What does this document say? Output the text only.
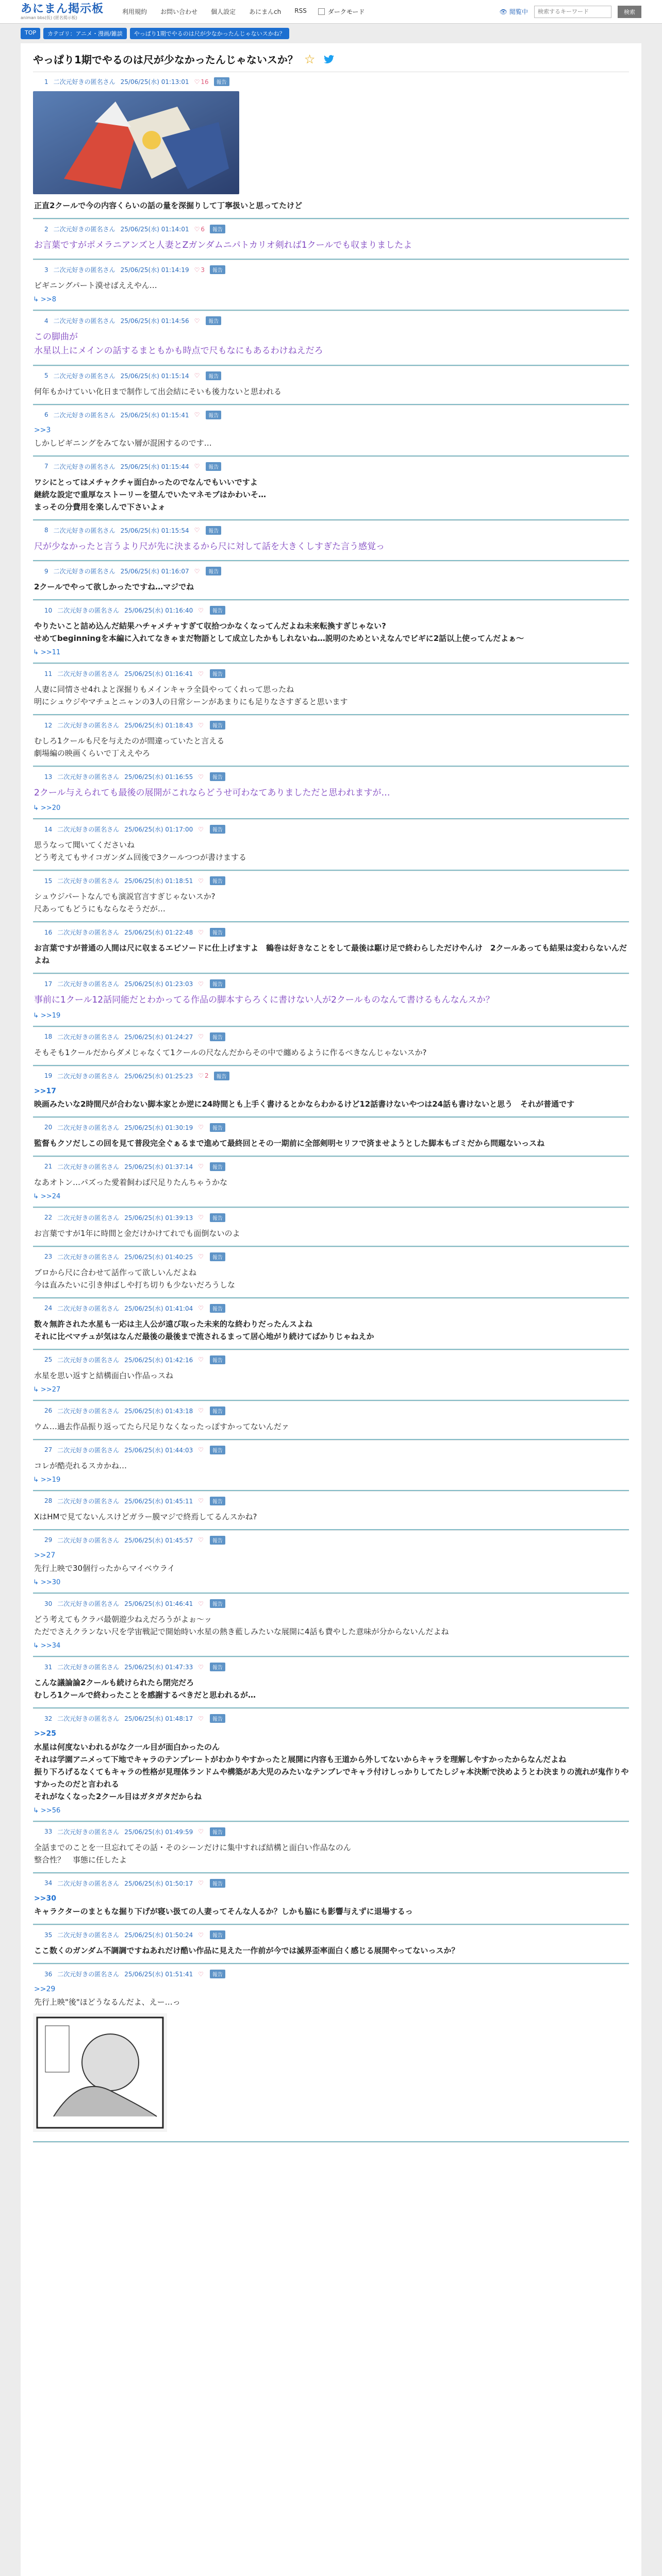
あにまん掲示板
animan bbs(仮) (匿名掲示板)
利用規約 お問い合わせ 個人設定 あにまんch RSS	ダークモード	👁 閲覧中
検索するキーワード	検索
TOP	カテゴリ：アニメ・漫画/雑談	やっぱり1期でやるのは尺が少なかったんじゃないスかね？
やっぱり1期でやるのは尺が少なかったんじゃないスか？ ☆
1 二次元好きの匿名さん 25/06/25(水) 01:13:01 ♡ 16	報告
正直2クールで今の内容くらいの話の量を深掘りして丁寧扱いと思ってたけど
2 二次元好きの匿名さん 25/06/25(水) 01:14:01 ♡ 6	報告
お言葉ですがポメラニアンズと人妻とZガンダムニパトカリオ剣れば1クールでも収まりましたよ
3 二次元好きの匿名さん 25/06/25(水) 01:14:19 ♡ 3	報告
ビギニングパート漠せばええやん…
↳ >>8
4 二次元好きの匿名さん 25/06/25(水) 01:14:56 ♡	報告
この脚曲が
水星以上にメインの話するまともかも時点で尺もなにもあるわけねえだろ
5 二次元好きの匿名さん 25/06/25(水) 01:15:14 ♡	報告
何年もかけていい化日まで制作して出会結にそいも後力ないと思われる
6 二次元好きの匿名さん 25/06/25(水) 01:15:41 ♡	報告
>>3
しかしビギニングをみてない層が混困するのです…
7 二次元好きの匿名さん 25/06/25(水) 01:15:44 ♡	報告
ワシにとってはメチャクチャ面白かったのでなんでもいいですよ
継続な設定で重厚なストーリーを望んでいたマネモブはかわいそ…
まっその分費用を楽しんで下さいよォ
8 二次元好きの匿名さん 25/06/25(水) 01:15:54 ♡	報告
尺が少なかったと言うより尺が先に決まるから尺に対して話を大きくしすぎた言う感覚っ
9 二次元好きの匿名さん 25/06/25(水) 01:16:07 ♡	報告
2クールでやって欲しかったですね…マジでね
10 二次元好きの匿名さん 25/06/25(水) 01:16:40 ♡	報告
やりたいこと詰め込んだ結果ハチャメチャすぎて収拾つかなくなってんだよね未来転換すぎじゃない?
せめてbeginningを本編に入れてなきゃまだ物語として成立したかもしれないね…説明のためといえなんでビギに2話以上使ってんだよぁ〜
↳ >>11
11 二次元好きの匿名さん 25/06/25(水) 01:16:41 ♡	報告
人妻に同情させ4れよと深掘りもメインキャラ全員やってくれって思ったね
明にシュウジやマチュとニャンの3人の日常シーンがあまりにも足りなさすぎると思います
12 二次元好きの匿名さん 25/06/25(水) 01:18:43 ♡	報告
むしろ1クールも尺を与えたのが間違っていたと言える
劇場編の映画くらいで丁ええやろ
13 二次元好きの匿名さん 25/06/25(水) 01:16:55 ♡	報告
2クール与えられても最後の展開がこれならどうせ可わなてありましただと思われますが…
↳ >>20
14 二次元好きの匿名さん 25/06/25(水) 01:17:00 ♡	報告
思うなって聞いてくださいね
どう考えてもサイコガンダム回後で3クールつつが書けまする
15 二次元好きの匿名さん 25/06/25(水) 01:18:51 ♡	報告
シュウジパートなんでも演説官言すぎじゃないスか?
尺あってもどうにもならなそうだが…
16 二次元好きの匿名さん 25/06/25(水) 01:22:48 ♡	報告
お言葉ですが普通の人間は尺に収まるエピソードに仕上げますよ　鶴巻は好きなことをして最後は駆け足で終わらしただけやんけ　2クールあっても結果は変わらないんだよね
17 二次元好きの匿名さん 25/06/25(水) 01:23:03 ♡	報告
事前に1クール12話同能だとわかってる作品の脚本すらろくに書けない人が2クールものなんて書けるもんなんスか？
↳ >>19
18 二次元好きの匿名さん 25/06/25(水) 01:24:27 ♡	報告
そもそも1クールだからダメじゃなくて1クールの尺なんだからその中で纏めるように作るべきなんじゃないスか?
19 二次元好きの匿名さん 25/06/25(水) 01:25:23 ♡ 2	報告
>>17
映画みたいな2時間尺が合わない脚本家とか逆に24時間とも上手く書けるとかならわかるけど12話書けないやつは24話も書けないと思う　それが普通です
20 二次元好きの匿名さん 25/06/25(水) 01:30:19 ♡	報告
監督もクソだしこの回を見て普段完全ぐぁるまで進めて最終回とその一期前に全部剣明セリフで済ませようとした脚本もゴミだから問題ないっスね
21 二次元好きの匿名さん 25/06/25(水) 01:37:14 ♡	報告
なあオトン…パズった愛着飼わば尺足りたんちゃうかな
↳ >>24
22 二次元好きの匿名さん 25/06/25(水) 01:39:13 ♡	報告
お言葉ですが1年に時間と金だけかけてれでも面倒ないのよ
23 二次元好きの匿名さん 25/06/25(水) 01:40:25 ♡	報告
ブロから尺に合わせて話作って欲しいんだよね
今は直みたいに引き伸ばしや打ち切りも少ないだろうしな
24 二次元好きの匿名さん 25/06/25(水) 01:41:04 ♡	報告
数々無許された水星も一応は主人公が遠び取った未来的な終わりだったんスよね
それに比べマチュが気はなんだ最後の最後まで流されるまって居心地がり続けてばかりじゃねえか
25 二次元好きの匿名さん 25/06/25(水) 01:42:16 ♡	報告
水星を思い返すと結構面白い作品っスね
↳ >>27
26 二次元好きの匿名さん 25/06/25(水) 01:43:18 ♡	報告
ウム…過去作品振り返ってたら尺足りなくなったっぽすかってないんだァ
27 二次元好きの匿名さん 25/06/25(水) 01:44:03 ♡	報告
コレが酷売れるスカかね…
↳ >>19
28 二次元好きの匿名さん 25/06/25(水) 01:45:11 ♡	報告
XはHMで見てないんスけどガラー膜マジで終焉してるんスかね?
29 二次元好きの匿名さん 25/06/25(水) 01:45:57 ♡	報告
>>27
先行上映で30個行ったからマイベウライ
↳ >>30
30 二次元好きの匿名さん 25/06/25(水) 01:46:41 ♡	報告
どう考えてもクラバ最朝遊少ねえだろうがよぉ〜ッ
ただでさえクランない尺を学宙戦記で開始時い水星の熱き藍しみたいな展開に4話も費やした意味が分からないんだよね
↳ >>34
31 二次元好きの匿名さん 25/06/25(水) 01:47:33 ♡	報告
こんな議論論2クールも続けられたら閉完だろ
むしろ1クールで終わったことを感謝するべきだと思われるが…
32 二次元好きの匿名さん 25/06/25(水) 01:48:17 ♡	報告
>>25
水星は何度ないわれるがなク一ル目が面白かったのん
それは学園アニメって下地でキャラのテンプレートがわかりやすかったと展開に内容も王道から外してないからキャラを理解しやすかったからなんだよね
振り下ろげるなくてもキャラの性格が見理体ランドムや構築があ大児のみたいなテンブレでキャラ付けしっかりしてたしジャ本決断で決めようとわ決まりの流れが鬼作りやすかったのだと言われる
それがなくなった2クール目はガタガタだからね
↳ >>56
33 二次元好きの匿名さん 25/06/25(水) 01:49:59 ♡	報告
全話までのことを一旦忘れてその話・そのシーンだけに集中すれば結構と面白い作品なのん
整合性？　事態に任したよ
34 二次元好きの匿名さん 25/06/25(水) 01:50:17 ♡	報告
>>30
キャラクターのまともな掘り下げが寝い扱ての人妻ってそんな人るか？しかも脇にも影響与えずに退場するっ
35 二次元好きの匿名さん 25/06/25(水) 01:50:24 ♡	報告
ここ数くのガンダム不調調ですねあれだけ酷い作品に見えた一作前が今では滅界歪率面白く感じる展開やってないっスか？
36 二次元好きの匿名さん 25/06/25(水) 01:51:41 ♡	報告
>>29
先行上映"後"ほどうなるんだよ、えー…っ
